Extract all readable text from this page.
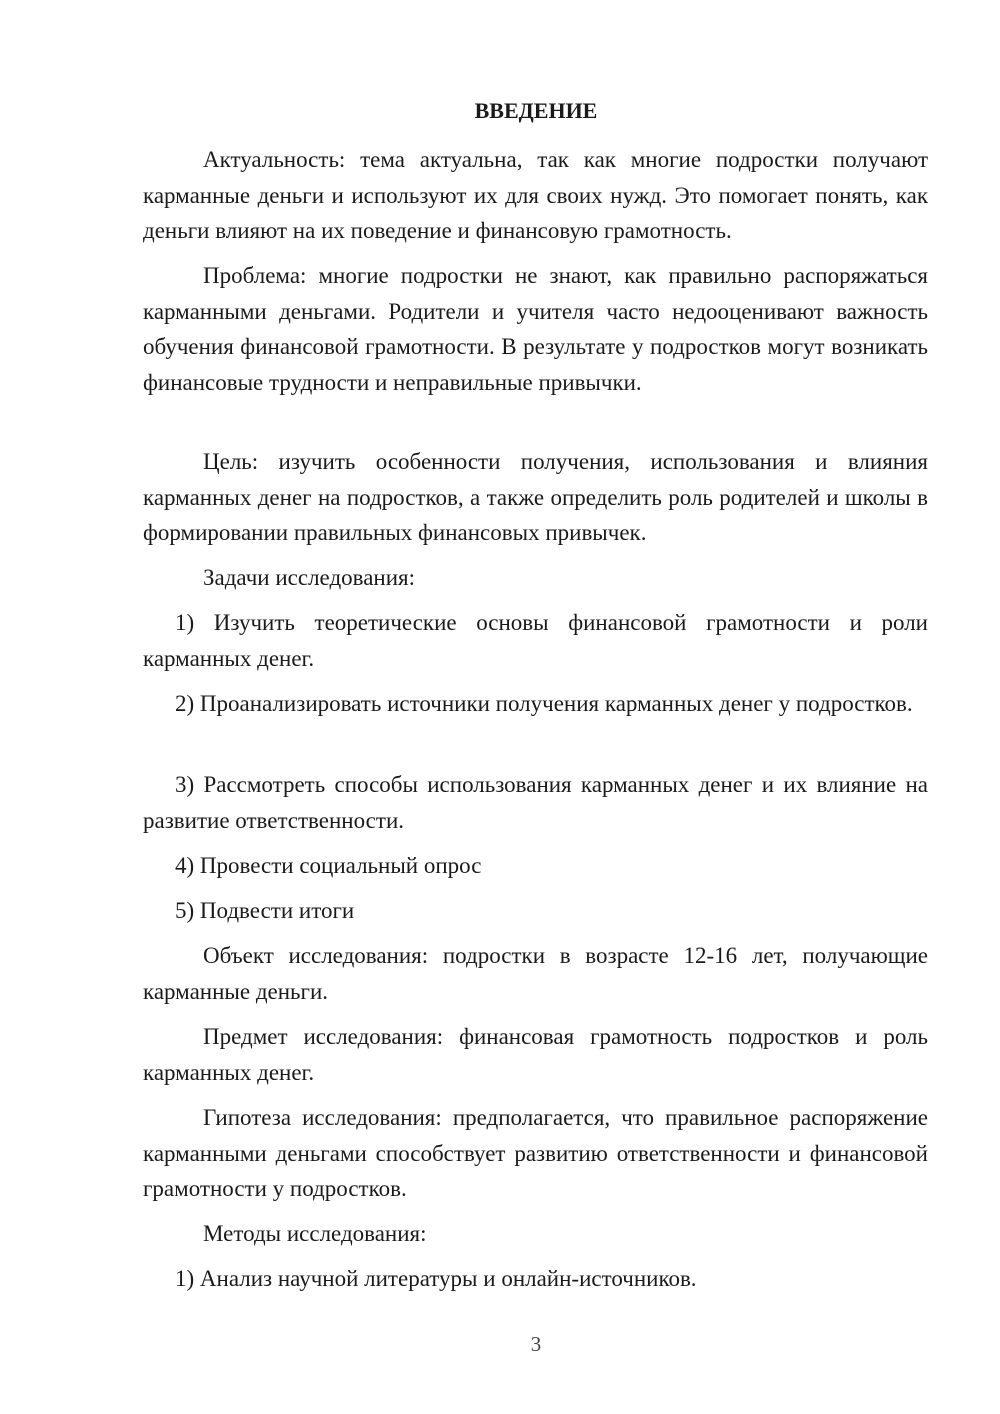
ВВЕДЕНИЕ
Актуальность: тема актуальна, так как многие подростки получают карманные деньги и используют их для своих нужд. Это помогает понять, как деньги влияют на их поведение и финансовую грамотность.
Проблема: многие подростки не знают, как правильно распоряжаться карманными деньгами. Родители и учителя часто недооценивают важность обучения финансовой грамотности. В результате у подростков могут возникать финансовые трудности и неправильные привычки.
Цель: изучить особенности получения, использования и влияния карманных денег на подростков, а также определить роль родителей и школы в формировании правильных финансовых привычек.
Задачи исследования:
1) Изучить теоретические основы финансовой грамотности и роли карманных денег.
2) Проанализировать источники получения карманных денег у подростков.
3) Рассмотреть способы использования карманных денег и их влияние на развитие ответственности.
4) Провести социальный опрос
5) Подвести итоги
Объект исследования: подростки в возрасте 12-16 лет, получающие карманные деньги.
Предмет исследования: финансовая грамотность подростков и роль карманных денег.
Гипотеза исследования: предполагается, что правильное распоряжение карманными деньгами способствует развитию ответственности и финансовой грамотности у подростков.
Методы исследования:
1) Анализ научной литературы и онлайн-источников.
3
